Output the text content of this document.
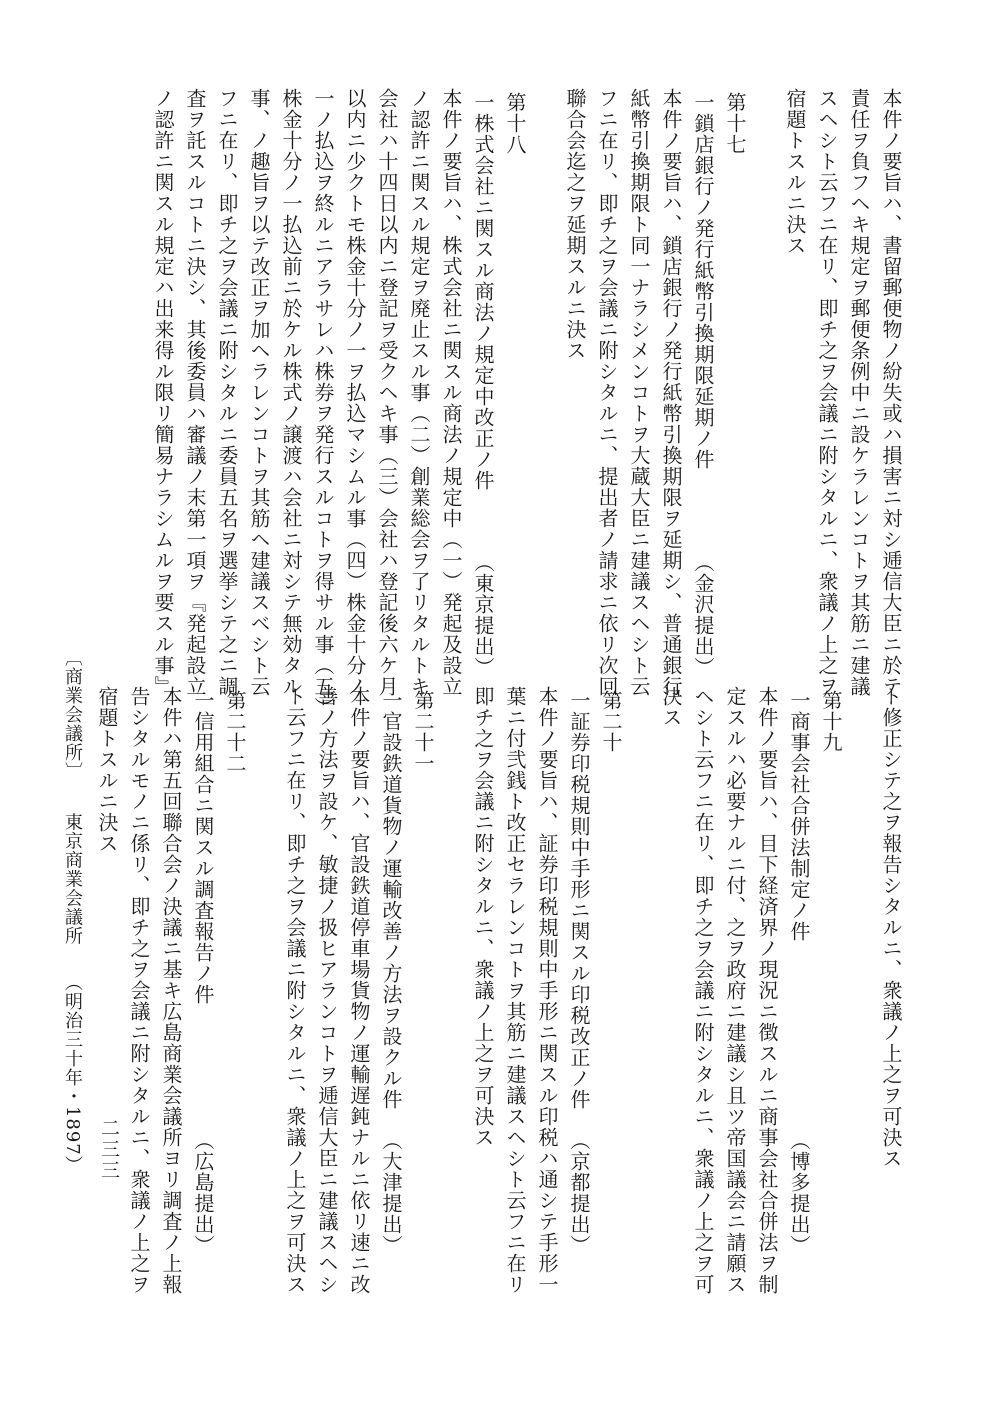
本件ノ要旨ハ、書留郵便物ノ紛失或ハ損害ニ対シ逓信大臣ニ於テ
責任ヲ負フヘキ規定ヲ郵便条例中ニ設ケラレンコトヲ其筋ニ建議
スヘシト云フニ在リ、即チ之ヲ会議ニ附シタルニ、衆議ノ上之ヲ
宿題トスルニ決ス
第十七
一鎖店銀行ノ発行紙幣引換期限延期ノ件
（金沢提出）
本件ノ要旨ハ、鎖店銀行ノ発行紙幣引換期限ヲ延期シ、普通銀行
紙幣引換期限ト同一ナラシメンコトヲ大蔵大臣ニ建議スヘシト云
フニ在リ、即チ之ヲ会議ニ附シタルニ、提出者ノ請求ニ依リ次回
聯合会迄之ヲ延期スルニ決ス
第十八
一株式会社ニ関スル商法ノ規定中改正ノ件
（東京提出）
本件ノ要旨ハ、株式会社ニ関スル商法ノ規定中（一）発起及設立
ノ認許ニ関スル規定ヲ廃止スル事（二）創業総会ヲ了リタルトキ
会社ハ十四日以内ニ登記ヲ受クヘキ事（三）会社ハ登記後六ケ月
以内ニ少クトモ株金十分ノ一ヲ払込マシムル事（四）株金十分ノ
一ノ払込ヲ終ルニアラサレハ株券ヲ発行スルコトヲ得サル事（五）
株金十分ノ一払込前ニ於ケル株式ノ譲渡ハ会社ニ対シテ無効タル
事、ノ趣旨ヲ以テ改正ヲ加ヘラレンコトヲ其筋ヘ建議スベシト云
フニ在リ、即チ之ヲ会議ニ附シタルニ委員五名ヲ選挙シテ之ニ調
査ヲ託スルコトニ決シ、其後委員ハ審議ノ末第一項ヲ『発起設立
ノ認許ニ関スル規定ハ出来得ル限リ簡易ナラシムルヲ要スル事』
ト修正シテ之ヲ報告シタルニ、衆議ノ上之ヲ可決ス
第十九
一商事会社合併法制定ノ件
（博多提出）
本件ノ要旨ハ、目下経済界ノ現況ニ徴スルニ商事会社合併法ヲ制
定スルハ必要ナルニ付、之ヲ政府ニ建議シ且ツ帝国議会ニ請願ス
ヘシト云フニ在リ、即チ之ヲ会議ニ附シタルニ、衆議ノ上之ヲ可
決ス
第二十
一証券印税規則中手形ニ関スル印税改正ノ件
（京都提出）
本件ノ要旨ハ、証券印税規則中手形ニ関スル印税ハ通シテ手形一
葉ニ付弐銭ト改正セラレンコトヲ其筋ニ建議スヘシト云フニ在リ
即チ之ヲ会議ニ附シタルニ、衆議ノ上之ヲ可決ス
第二十一
一官設鉄道貨物ノ運輸改善ノ方法ヲ設クル件
（大津提出）
本件ノ要旨ハ、官設鉄道停車場貨物ノ運輸遅鈍ナルニ依リ速ニ改
善ノ方法ヲ設ケ、敏捷ノ扱ヒアランコトヲ逓信大臣ニ建議スヘシ
ト云フニ在リ、即チ之ヲ会議ニ附シタルニ、衆議ノ上之ヲ可決ス
第二十二
一信用組合ニ関スル調査報告ノ件
（広島提出）
本件ハ第五回聯合会ノ決議ニ基キ広島商業会議所ヨリ調査ノ上報
告シタルモノニ係リ、即チ之ヲ会議ニ附シタルニ、衆議ノ上之ヲ
宿題トスルニ決ス
〔商業会議所〕  東京商業会議所  （明治三十年・1897） 二三三
